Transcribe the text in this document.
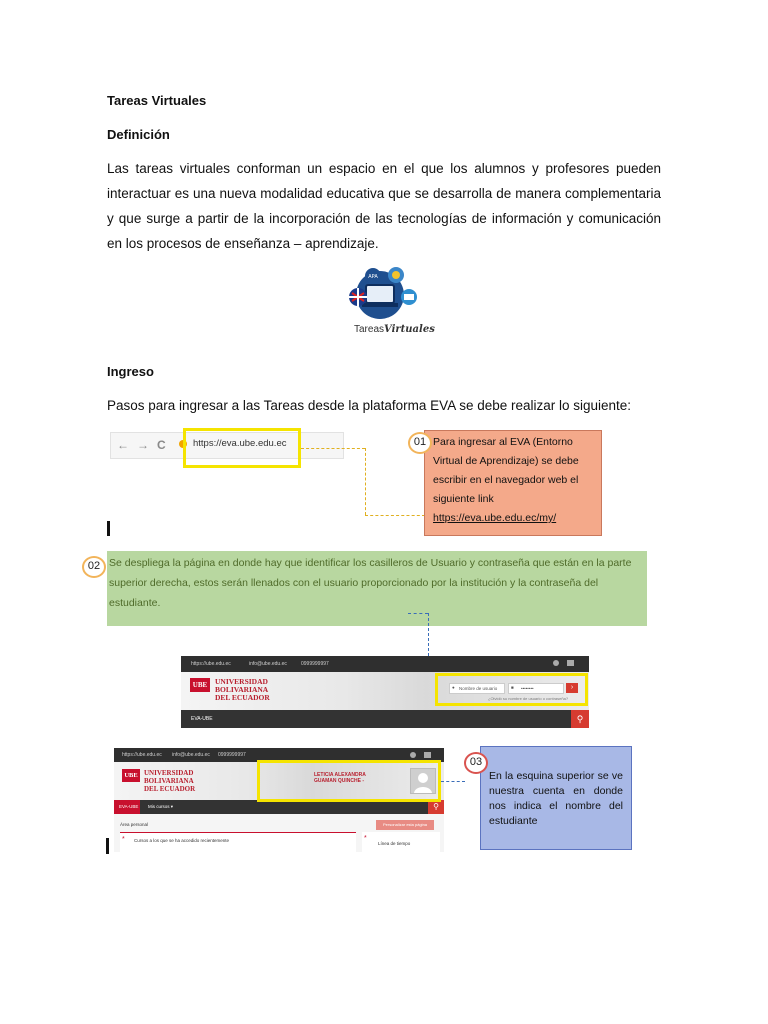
Tareas Virtuales
Definición
Las tareas virtuales conforman un espacio en el que los alumnos y profesores pueden interactuar es una nueva modalidad educativa que se desarrolla de manera complementaria y que surge a partir de la incorporación de las tecnologías de información y comunicación en los procesos de enseñanza – aprendizaje.
APA
TareasVirtuales
Ingreso
Pasos para ingresar a las Tareas desde la plataforma EVA se debe realizar lo siguiente:
← → C	https://eva.ube.edu.ec	Para ingresar al EVA (Entorno Virtual de Aprendizaje) se debe escribir en el navegador web el siguiente link https://eva.ube.edu.ec/my/
01
Se despliega la página en donde hay que identificar los casilleros de Usuario y contraseña que están en la parte superior derecha, estos serán llenados con el usuario proporcionado por la institución y la contraseña del estudiante.
02
https://ube.edu.ec	info@ube.edu.ec	0999999997
UBE	UNIVERSIDAD
BOLIVARIANA
DEL ECUADOR
● Nombre de usuario	■ ••••••••	›
¿Olvidó su nombre de usuario o contraseña?
EVA-UBE	⚲
https://ube.edu.ec info@ube.edu.ec 0999999997
UBE UNIVERSIDAD
BOLIVARIANA
DEL ECUADOR
LETICIA ALEXANDRA GUAMAN QUINCHE -
EVA-UBE Mis cursos ▾	⚲
Área personal	Personalizar esta página
* Cursos a los que se ha accedido recientemente	*
Línea de tiempo
En la esquina superior se ve nuestra cuenta en donde nos indica el nombre del estudiante
03
